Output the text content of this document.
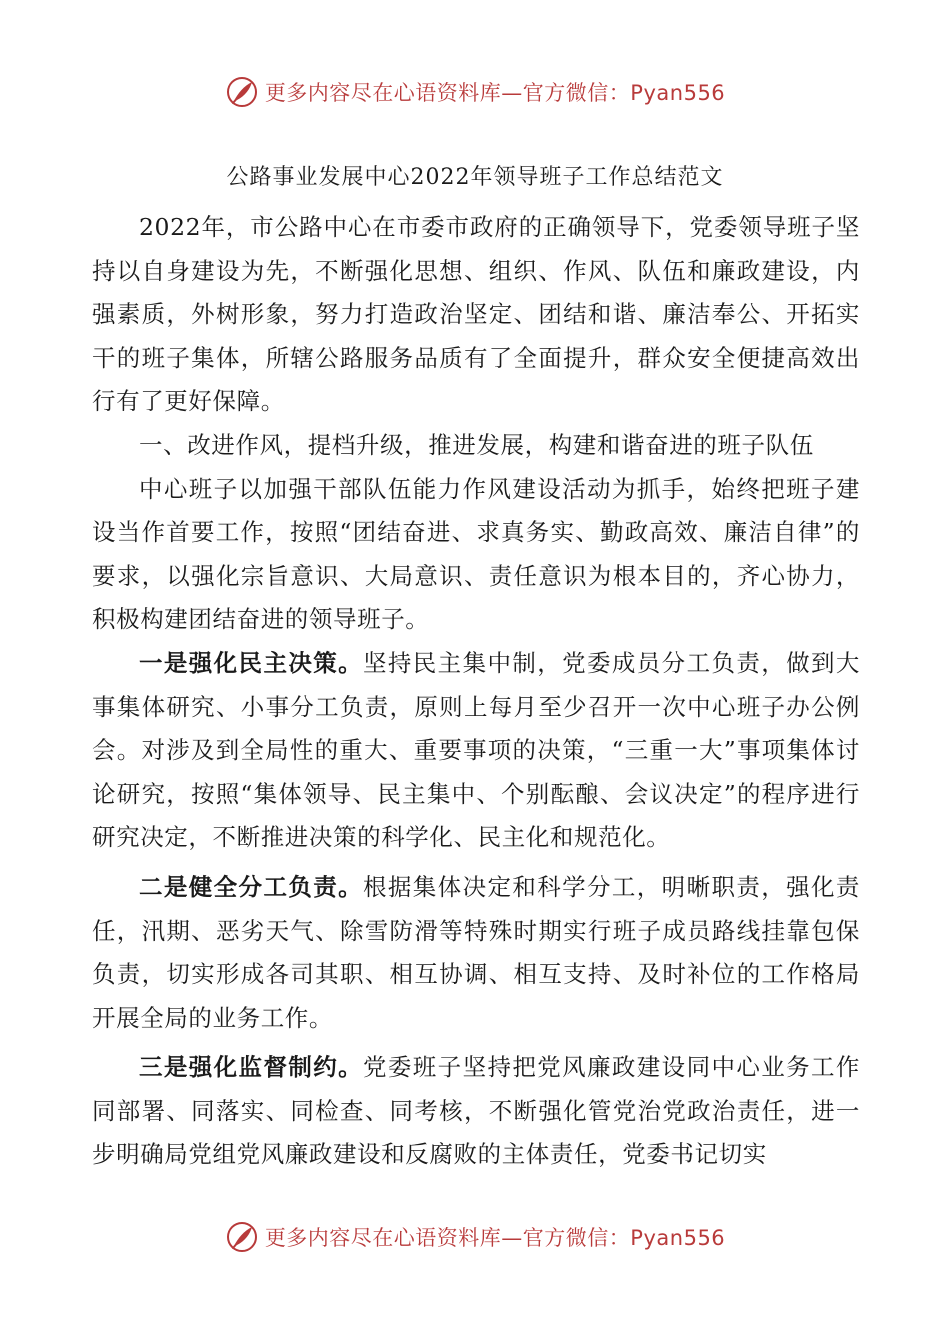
更多内容尽在心语资料库—官方微信：Pyan556
公路事业发展中心2022年领导班子工作总结范文

2022年，市公路中心在市委市政府的正确领导下，党委领导班子坚持以自身建设为先，不断强化思想、组织、作风、队伍和廉政建设，内强素质，外树形象，努力打造政治坚定、团结和谐、廉洁奉公、开拓实干的班子集体，所辖公路服务品质有了全面提升，群众安全便捷高效出行有了更好保障。

一、改进作风，提档升级，推进发展，构建和谐奋进的班子队伍

中心班子以加强干部队伍能力作风建设活动为抓手，始终把班子建设当作首要工作，按照“团结奋进、求真务实、勤政高效、廉洁自律”的要求，以强化宗旨意识、大局意识、责任意识为根本目的，齐心协力，积极构建团结奋进的领导班子。

一是强化民主决策。坚持民主集中制，党委成员分工负责，做到大事集体研究、小事分工负责，原则上每月至少召开一次中心班子办公例会。对涉及到全局性的重大、重要事项的决策，“三重一大”事项集体讨论研究，按照“集体领导、民主集中、个别酝酿、会议决定”的程序进行研究决定，不断推进决策的科学化、民主化和规范化。

二是健全分工负责。根据集体决定和科学分工，明晰职责，强化责任，汛期、恶劣天气、除雪防滑等特殊时期实行班子成员路线挂靠包保负责，切实形成各司其职、相互协调、相互支持、及时补位的工作格局开展全局的业务工作。

三是强化监督制约。党委班子坚持把党风廉政建设同中心业务工作同部署、同落实、同检查、同考核，不断强化管党治党政治责任，进一步明确局党组党风廉政建设和反腐败的主体责任，党委书记切实

更多内容尽在心语资料库—官方微信：Pyan556
